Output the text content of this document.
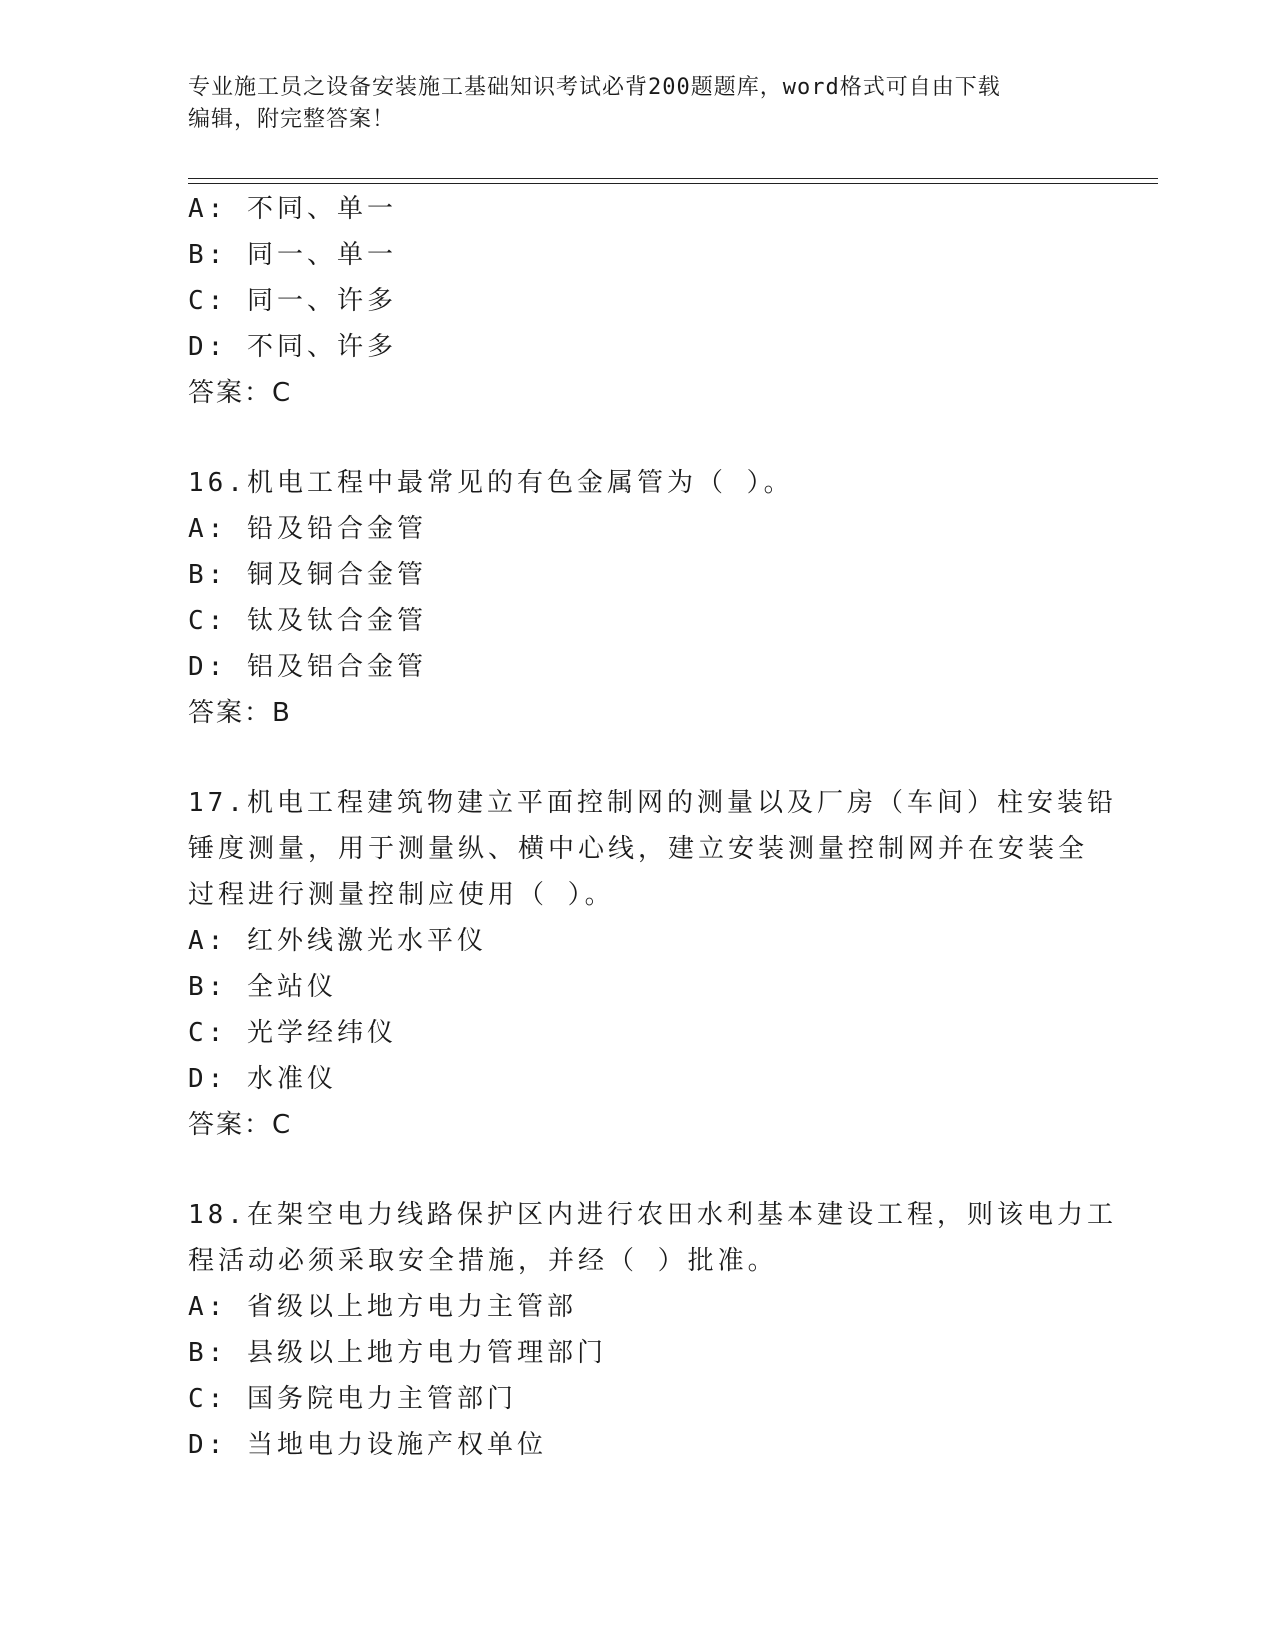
专业施工员之设备安装施工基础知识考试必背200题题库，word格式可自由下载
编辑，附完整答案！
A: 不同、单一
B: 同一、单一
C: 同一、许多
D: 不同、许多
答案：C
16.机电工程中最常见的有色金属管为（ ）。
A: 铅及铅合金管
B: 铜及铜合金管
C: 钛及钛合金管
D: 铝及铝合金管
答案：B
17.机电工程建筑物建立平面控制网的测量以及厂房（车间）柱安装铅
锤度测量，用于测量纵、横中心线，建立安装测量控制网并在安装全
过程进行测量控制应使用（ ）。
A: 红外线激光水平仪
B: 全站仪
C: 光学经纬仪
D: 水准仪
答案：C
18.在架空电力线路保护区内进行农田水利基本建设工程，则该电力工
程活动必须采取安全措施，并经（ ）批准。
A: 省级以上地方电力主管部
B: 县级以上地方电力管理部门
C: 国务院电力主管部门
D: 当地电力设施产权单位
